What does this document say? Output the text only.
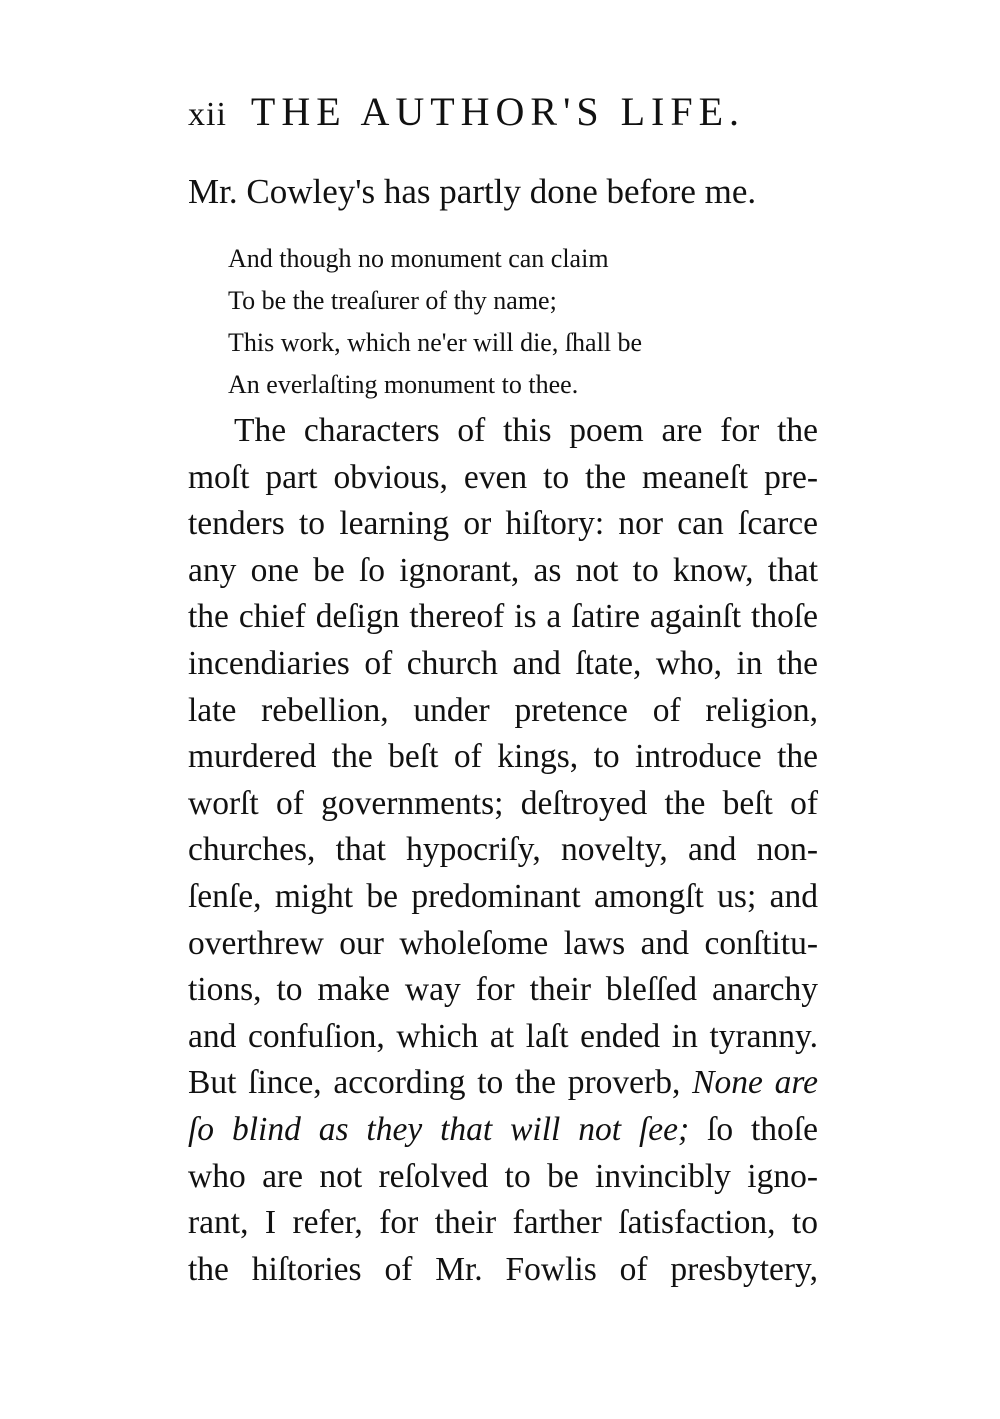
xii THE AUTHOR'S LIFE.
Mr. Cowley's has partly done before me.
And though no monument can claim
To be the treaſurer of thy name;
This work, which ne'er will die, ſhall be
An everlaſting monument to thee.
The characters of this poem are for the
moſt part obvious, even to the meaneſt pre-
tenders to learning or hiſtory: nor can ſcarce
any one be ſo ignorant, as not to know, that
the chief deſign thereof is a ſatire againſt thoſe
incendiaries of church and ſtate, who, in the
late rebellion, under pretence of religion,
murdered the beſt of kings, to introduce the
worſt of governments; deſtroyed the beſt of
churches, that hypocriſy, novelty, and non-
ſenſe, might be predominant amongſt us; and
overthrew our wholeſome laws and conſtitu-
tions, to make way for their bleſſed anarchy
and confuſion, which at laſt ended in tyranny.
But ſince, according to the proverb, None are
ſo blind as they that will not ſee; ſo thoſe
who are not reſolved to be invincibly igno-
rant, I refer, for their farther ſatisfaction, to
the hiſtories of Mr. Fowlis of presbytery,
